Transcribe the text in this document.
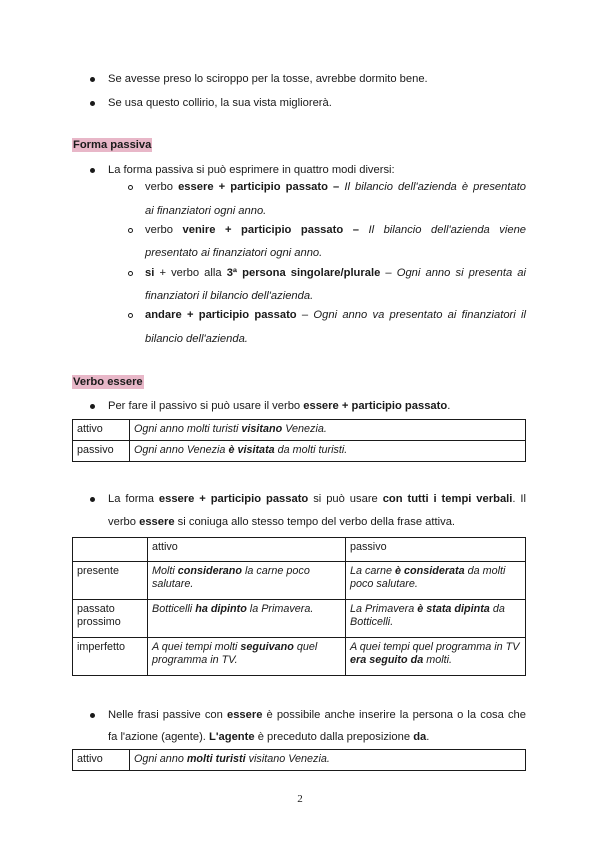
Se avesse preso lo sciroppo per la tosse, avrebbe dormito bene.
Se usa questo collirio, la sua vista migliorerà.
Forma passiva
La forma passiva si può esprimere in quattro modi diversi:
verbo essere + participio passato – Il bilancio dell'azienda è presentato
ai finanziatori ogni anno.
verbo venire + participio passato – Il bilancio dell'azienda viene
presentato ai finanziatori ogni anno.
si + verbo alla 3ª persona singolare/plurale – Ogni anno si presenta ai
finanziatori il bilancio dell'azienda.
andare + participio passato – Ogni anno va presentato ai finanziatori il
bilancio dell'azienda.
Verbo essere
Per fare il passivo si può usare il verbo essere + participio passato.
attivo	Ogni anno molti turisti visitano Venezia.
passivo	Ogni anno Venezia è visitata da molti turisti.
La forma essere + participio passato si può usare con tutti i tempi verbali. Il
verbo essere si coniuga allo stesso tempo del verbo della frase attiva.
	attivo	passivo
presente	Molti considerano la carne poco salutare.	La carne è considerata da molti poco salutare.
passato prossimo	Botticelli ha dipinto la Primavera.	La Primavera è stata dipinta da Botticelli.
imperfetto	A quei tempi molti seguivano quel programma in TV.	A quei tempi quel programma in TV era seguito da molti.
Nelle frasi passive con essere è possibile anche inserire la persona o la cosa che
fa l'azione (agente). L'agente è preceduto dalla preposizione da.
attivo	Ogni anno molti turisti visitano Venezia.
2
